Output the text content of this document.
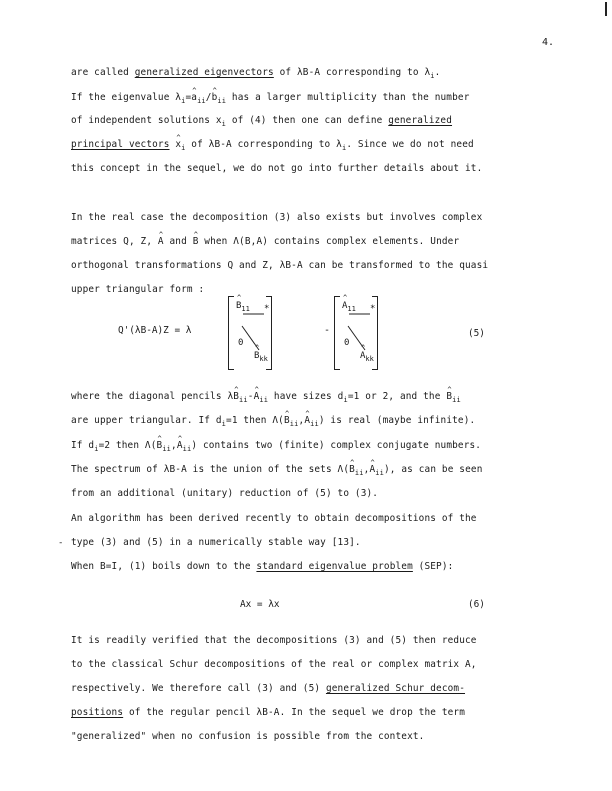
4.
are called generalized eigenvectors of λB-A corresponding to $\lambda_i$.
If the eigenvalue $\lambda_i=\^{}$ $a_{ii}/\^{}$ $b_{ii}$ has a larger multiplicity than the number
of independent solutions $x_i$ of (4) then one can define generalized
principal vectors ^ $x_i$ of λB-A corresponding to $\lambda_i$. Since we do not need
this concept in the sequel, we do not go into further details about it.
In the real case the decomposition (3) also exists but involves complex
matrices Q, Z, ^ A and ^ B when Λ(B,A) contains complex elements. Under
orthogonal transformations Q and Z, λB-A can be transformed to the quasi
upper triangular form :
Q'(λB-A)Z = λ
^ $B_{11}$ *
0
^ $B_{kk}$
-
^ $A_{11}$ *
0
^ $A_{kk}$
(5)
where the diagonal pencils λ^ $B_{ii}-\^{}$ $A_{ii}$ have sizes $d_i=1$ or 2, and the ^ $B_{ii}$
are upper triangular. If $d_i=1$ then Λ(^ $B_{ii},\^{}$ $A_{ii}$) is real (maybe infinite).
If $d_i=2$ then Λ(^ $B_{ii},\^{}$ $A_{ii}$) contains two (finite) complex conjugate numbers.
The spectrum of λB-A is the union of the sets Λ(^ $B_{ii},\^{}$ $A_{ii}$), as can be seen
from an additional (unitary) reduction of (5) to (3).
-
An algorithm has been derived recently to obtain decompositions of the
type (3) and (5) in a numerically stable way [13].
When B=I, (1) boils down to the standard eigenvalue problem (SEP):
Ax = λx	(6)
It is readily verified that the decompositions (3) and (5) then reduce
to the classical Schur decompositions of the real or complex matrix A,
respectively. We therefore call (3) and (5) generalized Schur decom-
positions of the regular pencil λB-A. In the sequel we drop the term
"generalized" when no confusion is possible from the context.
